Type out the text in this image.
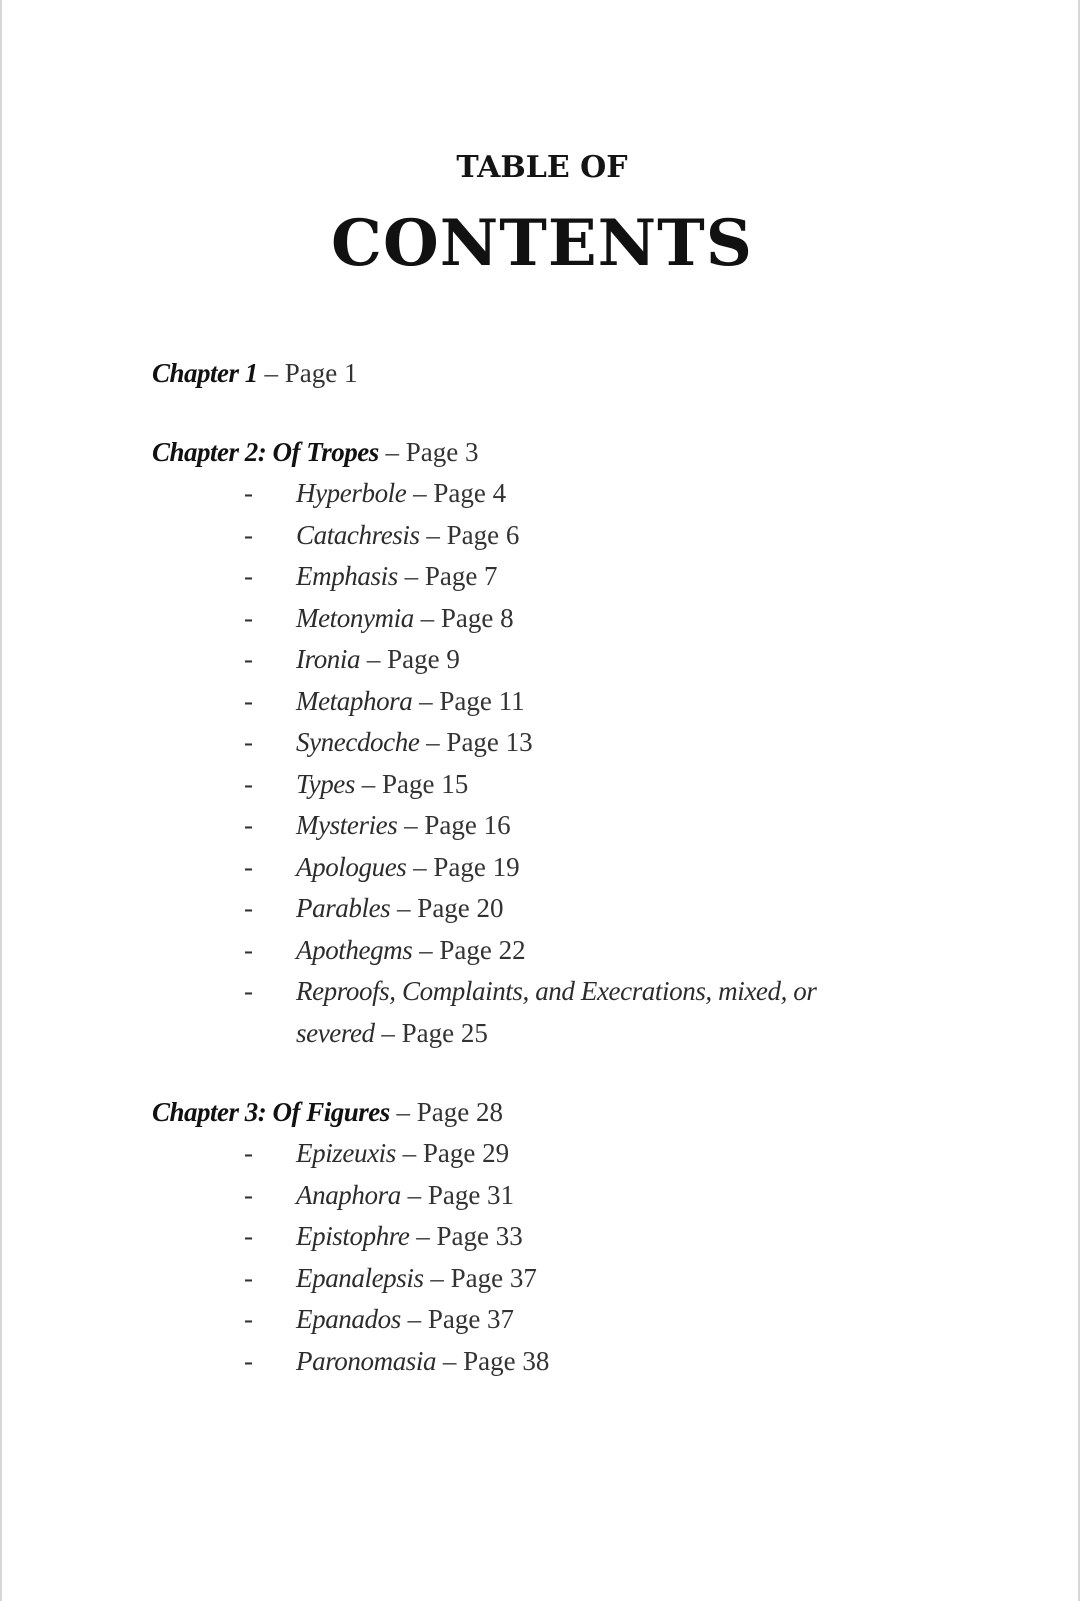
TABLE OF
CONTENTS
Chapter 1 – Page 1
Chapter 2: Of Tropes – Page 3
- Hyperbole – Page 4
- Catachresis – Page 6
- Emphasis – Page 7
- Metonymia – Page 8
- Ironia – Page 9
- Metaphora – Page 11
- Synecdoche – Page 13
- Types – Page 15
- Mysteries – Page 16
- Apologues – Page 19
- Parables – Page 20
- Apothegms – Page 22
- Reproofs, Complaints, and Execrations, mixed, or severed – Page 25
Chapter 3: Of Figures – Page 28
- Epizeuxis – Page 29
- Anaphora – Page 31
- Epistophre – Page 33
- Epanalepsis – Page 37
- Epanados – Page 37
- Paronomasia – Page 38
